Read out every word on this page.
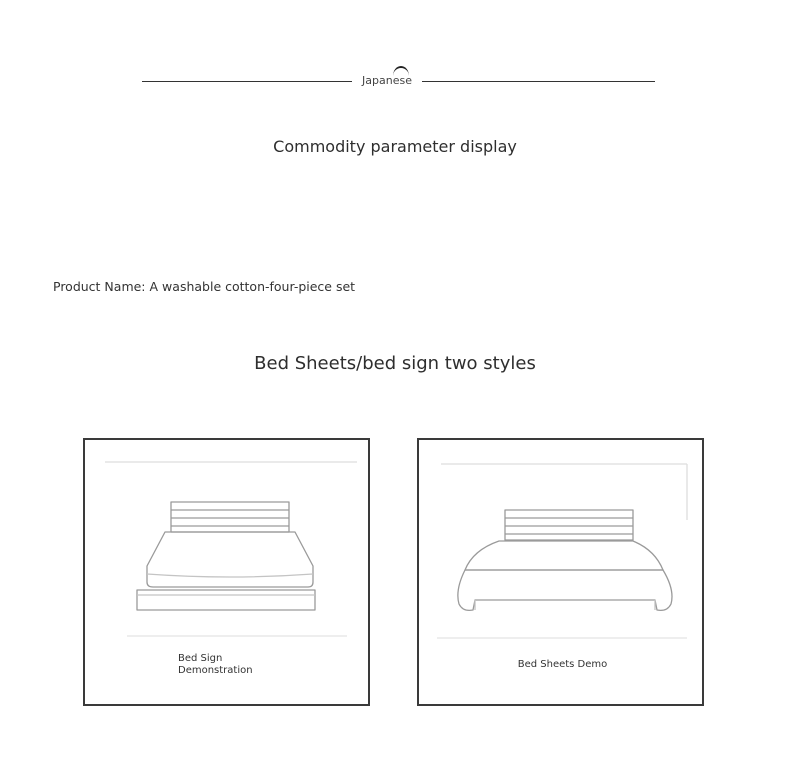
Japanese
Commodity parameter display
Product Name: A washable cotton-four-piece set
Bed Sheets/bed sign two styles
Bed Sign
Demonstration
Bed Sheets Demo
